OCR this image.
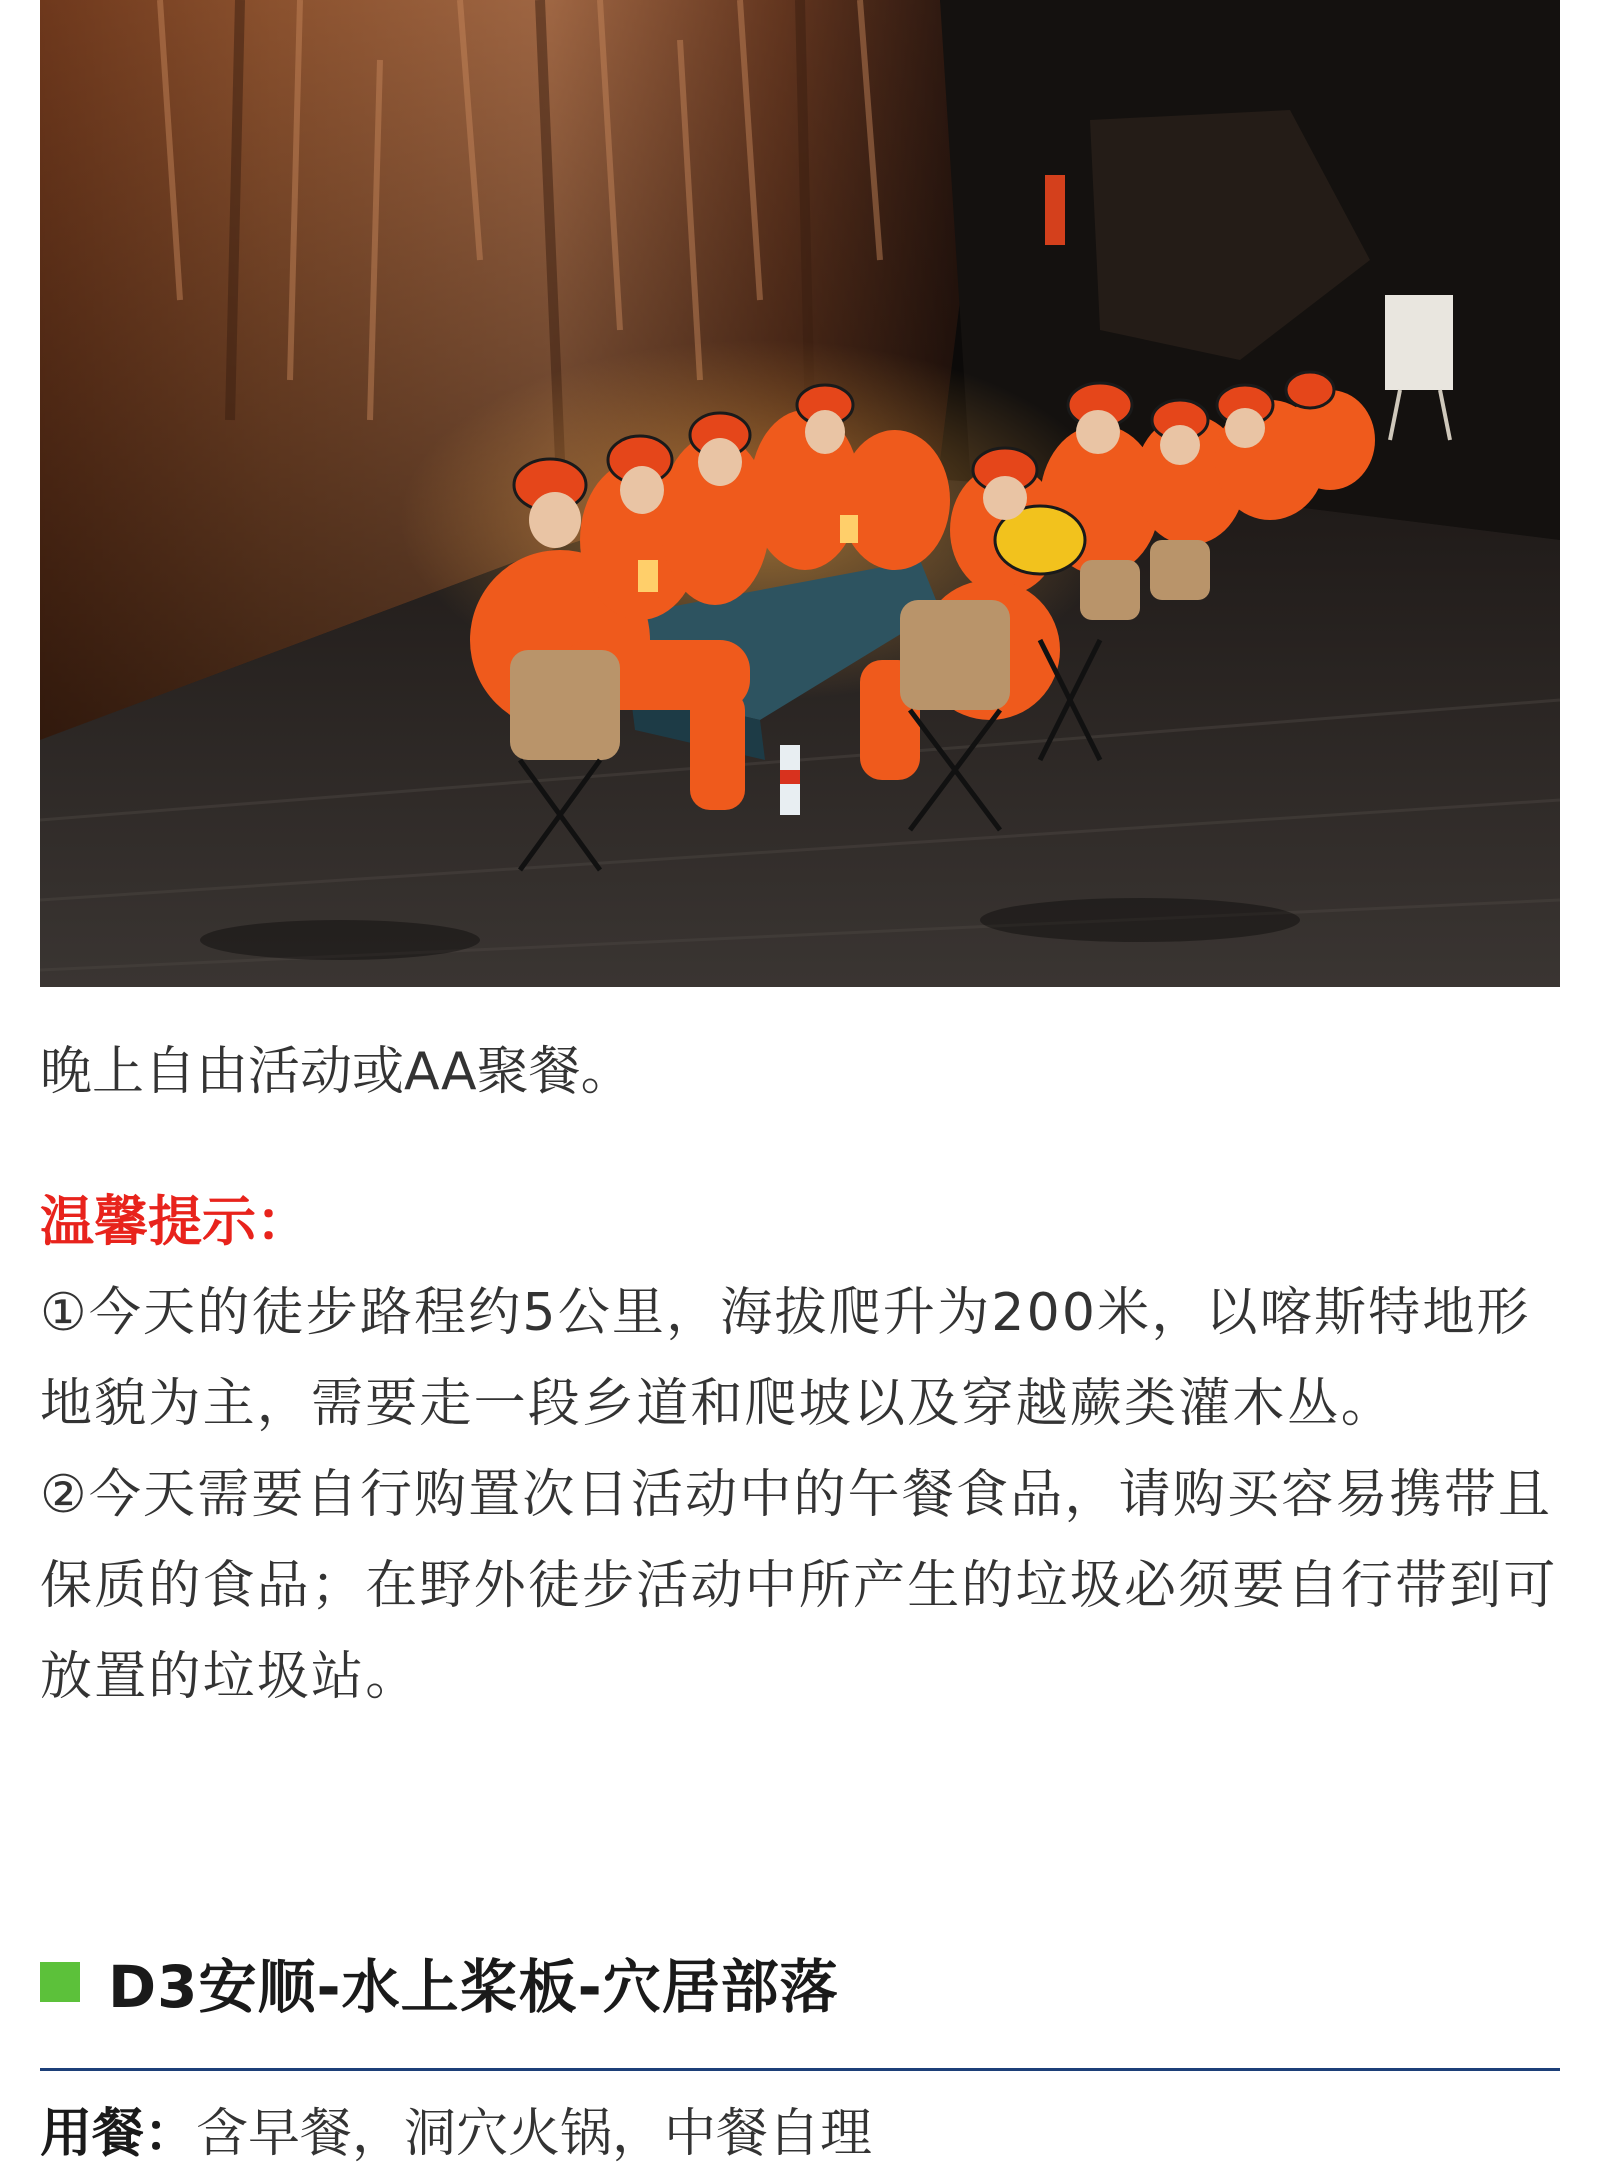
晚上自由活动或AA聚餐。
温馨提示：

①今天的徒步路程约5公里，海拔爬升为200米，以喀斯特地形地貌为主，需要走一段乡道和爬坡以及穿越蕨类灌木丛。

②今天需要自行购置次日活动中的午餐食品，请购买容易携带且保质的食品；在野外徒步活动中所产生的垃圾必须要自行带到可放置的垃圾站。

D3安顺-水上桨板-穴居部落
用餐：含早餐，洞穴火锅，中餐自理
